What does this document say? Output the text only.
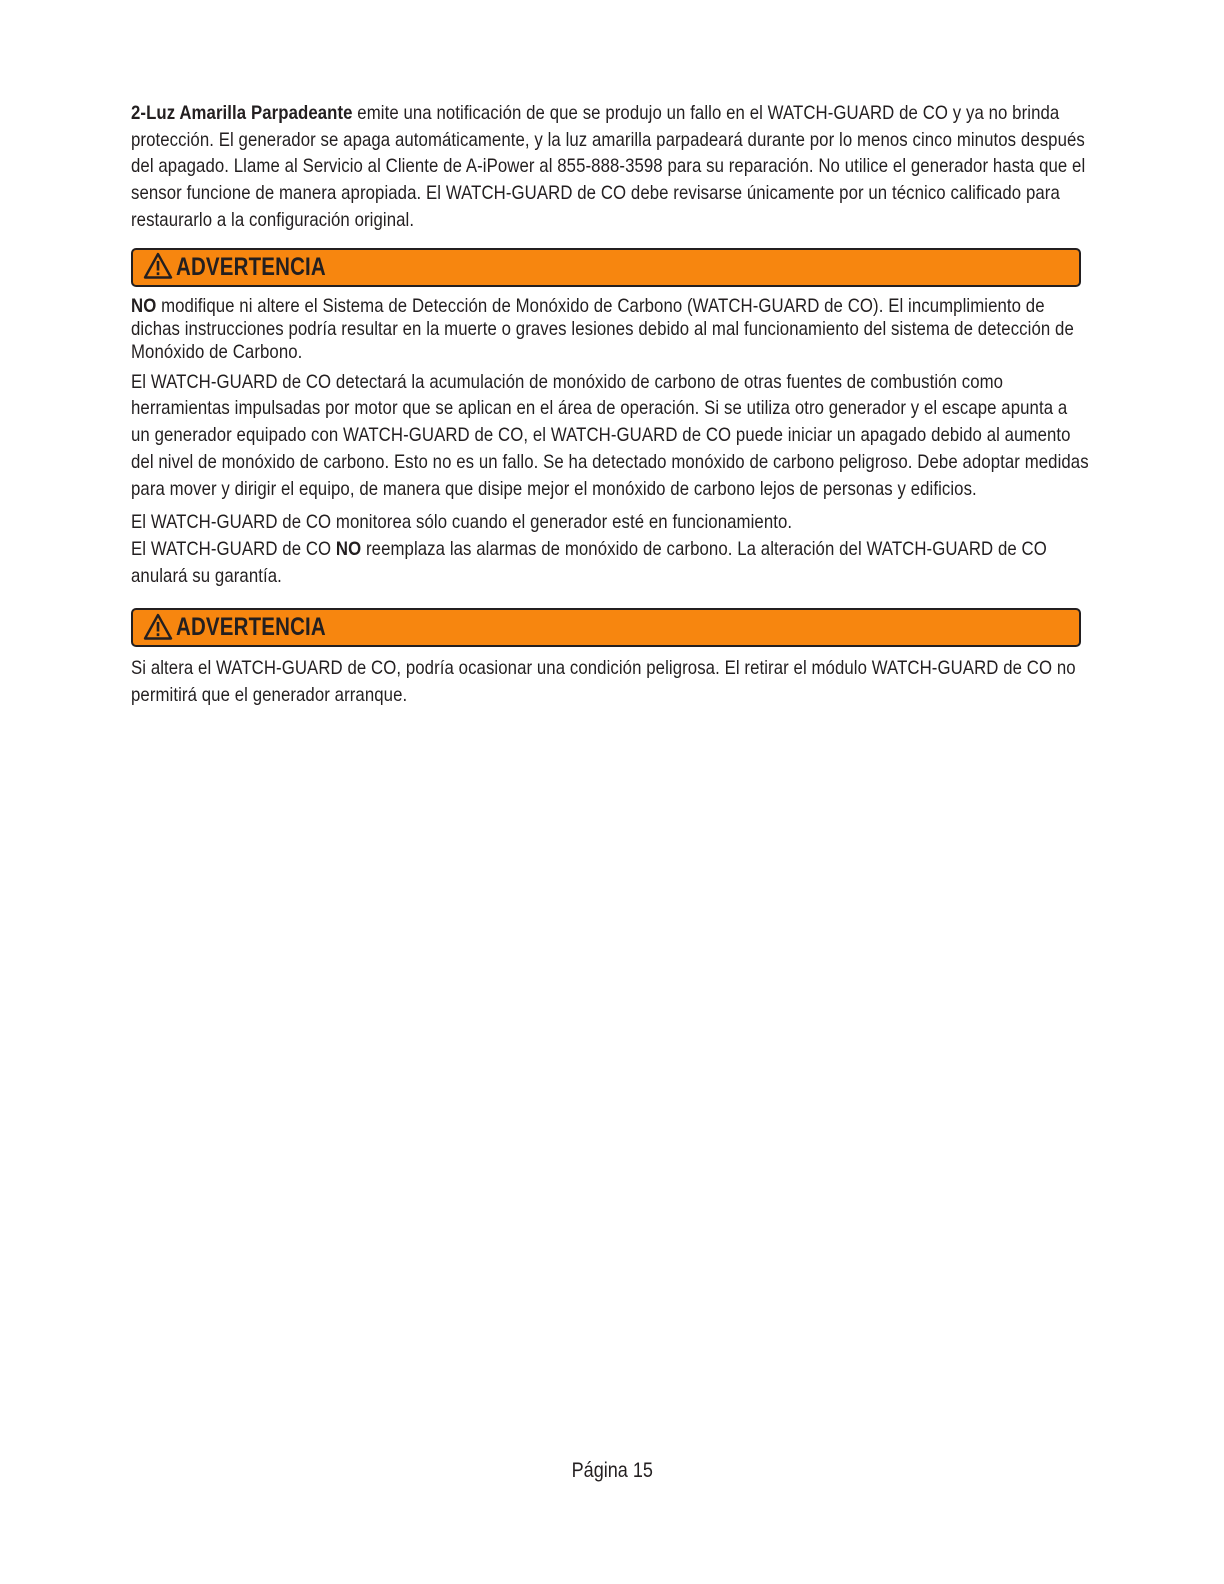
2-Luz Amarilla Parpadeante emite una notificación de que se produjo un fallo en el WATCH-GUARD de CO y ya no brinda protección. El generador se apaga automáticamente, y la luz amarilla parpadeará durante por lo menos cinco minutos después del apagado. Llame al Servicio al Cliente de A-iPower al 855-888-3598 para su reparación. No utilice el generador hasta que el sensor funcione de manera apropiada. El WATCH-GUARD de CO debe revisarse únicamente por un técnico calificado para restaurarlo a la configuración original.

ADVERTENCIA

NO modifique ni altere el Sistema de Detección de Monóxido de Carbono (WATCH-GUARD de CO). El incumplimiento de dichas instrucciones podría resultar en la muerte o graves lesiones debido al mal funcionamiento del sistema de detección de Monóxido de Carbono.

El WATCH-GUARD de CO detectará la acumulación de monóxido de carbono de otras fuentes de combustión como herramientas impulsadas por motor que se aplican en el área de operación. Si se utiliza otro generador y el escape apunta a un generador equipado con WATCH-GUARD de CO, el WATCH-GUARD de CO puede iniciar un apagado debido al aumento del nivel de monóxido de carbono. Esto no es un fallo. Se ha detectado monóxido de carbono peligroso. Debe adoptar medidas para mover y dirigir el equipo, de manera que disipe mejor el monóxido de carbono lejos de personas y edificios.

El WATCH-GUARD de CO monitorea sólo cuando el generador esté en funcionamiento.

El WATCH-GUARD de CO NO reemplaza las alarmas de monóxido de carbono. La alteración del WATCH-GUARD de CO anulará su garantía.

ADVERTENCIA

Si altera el WATCH-GUARD de CO, podría ocasionar una condición peligrosa. El retirar el módulo WATCH-GUARD de CO no permitirá que el generador arranque.

Página 15
